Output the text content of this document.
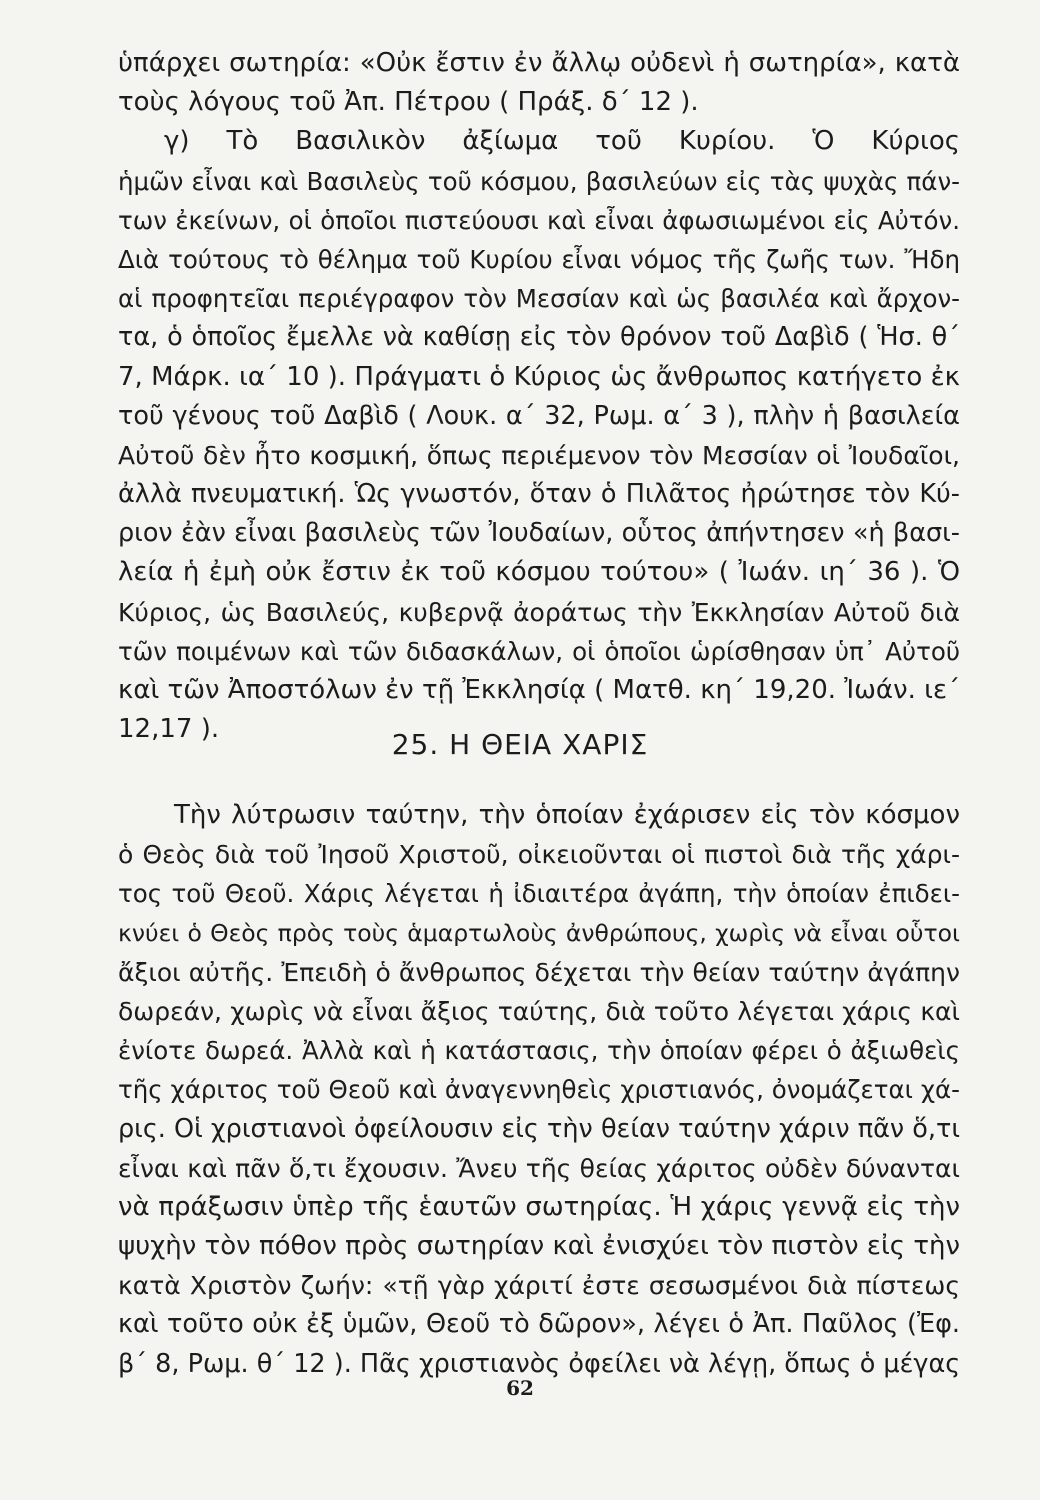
ὑπάρχει σωτηρία: «Οὐκ ἔστιν ἐν ἄλλῳ οὐδενὶ ἡ σωτηρία», κατὰ
τοὺς λόγους τοῦ Ἀπ. Πέτρου ( Πράξ. δ΄ 12 ).
γ) Τὸ Βασιλικὸν ἀξίωμα τοῦ Κυρίου. Ὁ Κύριος
ἡμῶν εἶναι καὶ Βασιλεὺς τοῦ κόσμου, βασιλεύων εἰς τὰς ψυχὰς πάν-
των ἐκείνων, οἱ ὁποῖοι πιστεύουσι καὶ εἶναι ἀφωσιωμένοι εἰς Αὐτόν.
Διὰ τούτους τὸ θέλημα τοῦ Κυρίου εἶναι νόμος τῆς ζωῆς των. Ἤδη
αἱ προφητεῖαι περιέγραφον τὸν Μεσσίαν καὶ ὡς βασιλέα καὶ ἄρχον-
τα, ὁ ὁποῖος ἔμελλε νὰ καθίσῃ εἰς τὸν θρόνον τοῦ Δαβὶδ ( Ἡσ. θ΄
7, Μάρκ. ια΄ 10 ). Πράγματι ὁ Κύριος ὡς ἄνθρωπος κατήγετο ἐκ
τοῦ γένους τοῦ Δαβὶδ ( Λουκ. α΄ 32, Ρωμ. α΄ 3 ), πλὴν ἡ βασιλεία
Αὐτοῦ δὲν ἦτο κοσμική, ὅπως περιέμενον τὸν Μεσσίαν οἱ Ἰουδαῖοι,
ἀλλὰ πνευματική. Ὡς γνωστόν, ὅταν ὁ Πιλᾶτος ἠρώτησε τὸν Κύ-
ριον ἐὰν εἶναι βασιλεὺς τῶν Ἰουδαίων, οὗτος ἀπήντησεν «ἡ βασι-
λεία ἡ ἐμὴ οὐκ ἔστιν ἐκ τοῦ κόσμου τούτου» ( Ἰωάν. ιη΄ 36 ). Ὁ
Κύριος, ὡς Βασιλεύς, κυβερνᾷ ἀοράτως τὴν Ἐκκλησίαν Αὐτοῦ διὰ
τῶν ποιμένων καὶ τῶν διδασκάλων, οἱ ὁποῖοι ὡρίσθησαν ὑπ᾽ Αὐτοῦ
καὶ τῶν Ἀποστόλων ἐν τῇ Ἐκκλησίᾳ ( Ματθ. κη΄ 19,20. Ἰωάν. ιε΄
12,17 ).	25. Η ΘΕΙΑ ΧΑΡΙΣ
Τὴν λύτρωσιν ταύτην, τὴν ὁποίαν ἐχάρισεν εἰς τὸν κόσμον
ὁ Θεὸς διὰ τοῦ Ἰησοῦ Χριστοῦ, οἰκειοῦνται οἱ πιστοὶ διὰ τῆς χάρι-
τος τοῦ Θεοῦ. Χάρις λέγεται ἡ ἰδιαιτέρα ἀγάπη, τὴν ὁποίαν ἐπιδει-
κνύει ὁ Θεὸς πρὸς τοὺς ἁμαρτωλοὺς ἀνθρώπους, χωρὶς νὰ εἶναι οὗτοι
ἄξιοι αὐτῆς. Ἐπειδὴ ὁ ἄνθρωπος δέχεται τὴν θείαν ταύτην ἀγάπην
δωρεάν, χωρὶς νὰ εἶναι ἄξιος ταύτης, διὰ τοῦτο λέγεται χάρις καὶ
ἐνίοτε δωρεά. Ἀλλὰ καὶ ἡ κατάστασις, τὴν ὁποίαν φέρει ὁ ἀξιωθεὶς
τῆς χάριτος τοῦ Θεοῦ καὶ ἀναγεννηθεὶς χριστιανός, ὀνομάζεται χά-
ρις. Οἱ χριστιανοὶ ὀφείλουσιν εἰς τὴν θείαν ταύτην χάριν πᾶν ὅ,τι
εἶναι καὶ πᾶν ὅ,τι ἔχουσιν. Ἄνευ τῆς θείας χάριτος οὐδὲν δύνανται
νὰ πράξωσιν ὑπὲρ τῆς ἑαυτῶν σωτηρίας. Ἡ χάρις γεννᾷ εἰς τὴν
ψυχὴν τὸν πόθον πρὸς σωτηρίαν καὶ ἐνισχύει τὸν πιστὸν εἰς τὴν
κατὰ Χριστὸν ζωήν: «τῇ γὰρ χάριτί ἐστε σεσωσμένοι διὰ πίστεως
καὶ τοῦτο οὐκ ἐξ ὑμῶν, Θεοῦ τὸ δῶρον», λέγει ὁ Ἀπ. Παῦλος (Ἐφ.
β΄ 8, Ρωμ. θ΄ 12 ). Πᾶς χριστιανὸς ὀφείλει νὰ λέγῃ, ὅπως ὁ μέγας
62
